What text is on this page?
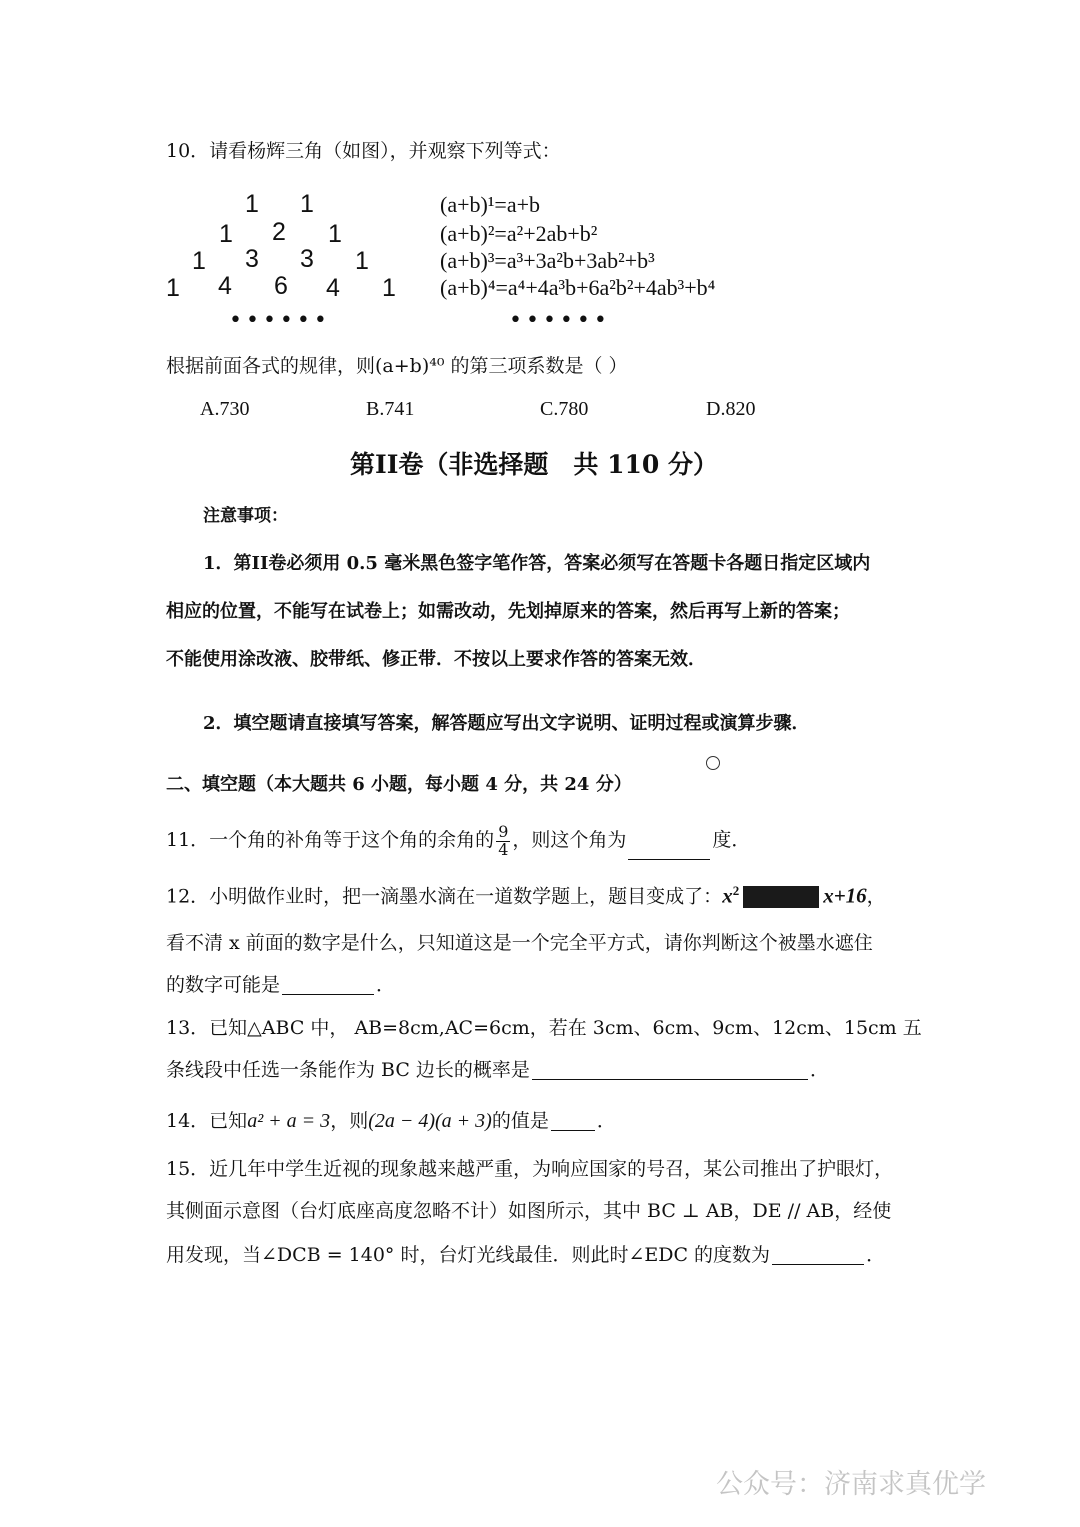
10．请看杨辉三角（如图），并观察下列等式：
1 1
1 2 1
1 3 3 1
1 4 6 4 1
••••••
(a+b)¹=a+b
(a+b)²=a²+2ab+b²
(a+b)³=a³+3a²b+3ab²+b³
(a+b)⁴=a⁴+4a³b+6a²b²+4ab³+b⁴
••••••
根据前面各式的规律，则(a+b)⁴⁰ 的第三项系数是（ ）
A.730	B.741	C.780	D.820
第II卷（非选择题　共 110 分）
注意事项：
1．第II卷必须用 0.5 毫米黑色签字笔作答，答案必须写在答题卡各题日指定区域内
相应的位置，不能写在试卷上；如需改动，先划掉原来的答案，然后再写上新的答案；
不能使用涂改液、胶带纸、修正带．不按以上要求作答的答案无效．
2．填空题请直接填写答案，解答题应写出文字说明、证明过程或演算步骤．
二、填空题（本大题共 6 小题，每小题 4 分，共 24 分）
11．一个角的补角等于这个角的余角的 $\frac{9}{4}$ ，则这个角为	度．
12．小明做作业时，把一滴墨水滴在一道数学题上，题目变成了：$x^2$	x+16，
看不清 x 前面的数字是什么，只知道这是一个完全平方式，请你判断这个被墨水遮住
的数字可能是	．
13．已知△ABC 中， AB=8cm,AC=6cm，若在 3cm、6cm、9cm、12cm、15cm 五
条线段中任选一条能作为 BC 边长的概率是	．
14．已知a² + a = 3，则(2a − 4)(a + 3)的值是	．
15．近几年中学生近视的现象越来越严重，为响应国家的号召，某公司推出了护眼灯，
其侧面示意图（台灯底座高度忽略不计）如图所示，其中 BC ⊥ AB，DE // AB，经使
用发现，当∠DCB = 140° 时，台灯光线最佳．则此时∠EDC 的度数为	．
公众号：济南求真优学
